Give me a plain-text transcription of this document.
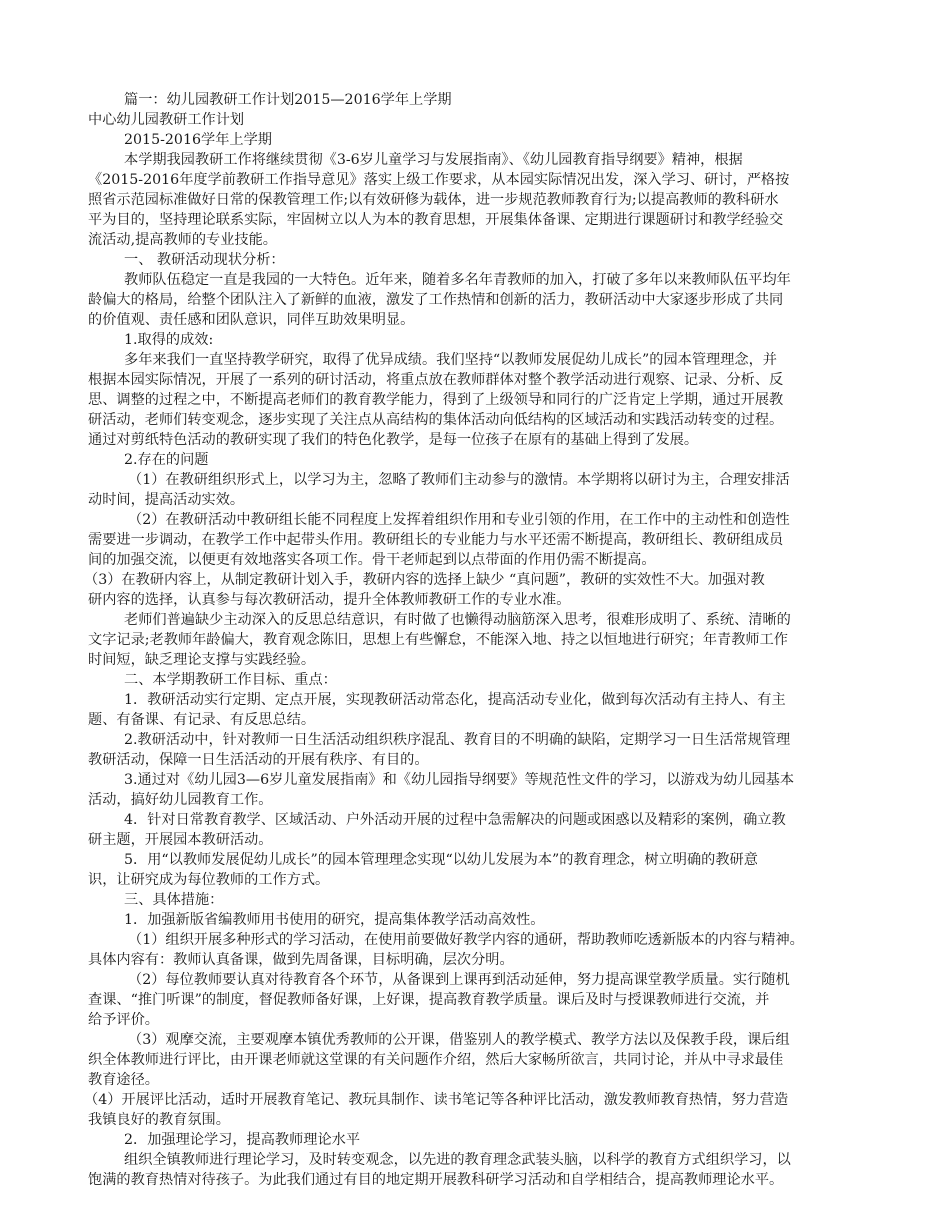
篇一：幼儿园教研工作计划2015—2016学年上学期
中心幼儿园教研工作计划
2015-2016学年上学期
本学期我园教研工作将继续贯彻《3-6岁儿童学习与发展指南》、《幼儿园教育指导纲要》精神，根据
《2015-2016年度学前教研工作指导意见》落实上级工作要求，从本园实际情况出发，深入学习、研讨，严格按
照省示范园标准做好日常的保教管理工作;以有效研修为载体，进一步规范教师教育行为;以提高教师的教科研水
平为目的，坚持理论联系实际，牢固树立以人为本的教育思想，开展集体备课、定期进行课题研讨和教学经验交
流活动,提高教师的专业技能。
一、 教研活动现状分析：
教师队伍稳定一直是我园的一大特色。近年来，随着多名年青教师的加入，打破了多年以来教师队伍平均年
龄偏大的格局，给整个团队注入了新鲜的血液，激发了工作热情和创新的活力，教研活动中大家逐步形成了共同
的价值观、责任感和团队意识，同伴互助效果明显。
1.取得的成效:
多年来我们一直坚持教学研究，取得了优异成绩。我们坚持“以教师发展促幼儿成长”的园本管理理念，并
根据本园实际情况，开展了一系列的研讨活动，将重点放在教师群体对整个教学活动进行观察、记录、分析、反
思、调整的过程之中，不断提高老师们的教育教学能力，得到了上级领导和同行的广泛肯定上学期，通过开展教
研活动，老师们转变观念，逐步实现了关注点从高结构的集体活动向低结构的区域活动和实践活动转变的过程。
通过对剪纸特色活动的教研实现了我们的特色化教学，是每一位孩子在原有的基础上得到了发展。
2.存在的问题
（1）在教研组织形式上，以学习为主，忽略了教师们主动参与的激情。本学期将以研讨为主，合理安排活
动时间，提高活动实效。
（2）在教研活动中教研组长能不同程度上发挥着组织作用和专业引领的作用，在工作中的主动性和创造性
需要进一步调动，在教学工作中起带头作用。教研组长的专业能力与水平还需不断提高，教研组长、教研组成员
间的加强交流，以便更有效地落实各项工作。骨干老师起到以点带面的作用仍需不断提高。
（3）在教研内容上，从制定教研计划入手，教研内容的选择上缺少 “真问题”，教研的实效性不大。加强对教
研内容的选择，认真参与每次教研活动，提升全体教师教研工作的专业水准。
老师们普遍缺少主动深入的反思总结意识，有时做了也懒得动脑筋深入思考，很难形成明了、系统、清晰的
文字记录;老教师年龄偏大，教育观念陈旧，思想上有些懈怠，不能深入地、持之以恒地进行研究；年青教师工作
时间短，缺乏理论支撑与实践经验。
二、本学期教研工作目标、重点：
1．教研活动实行定期、定点开展，实现教研活动常态化，提高活动专业化，做到每次活动有主持人、有主
题、有备课、有记录、有反思总结。
2.教研活动中，针对教师一日生活活动组织秩序混乱、教育目的不明确的缺陷，定期学习一日生活常规管理
教研活动，保障一日生活活动的开展有秩序、有目的。
3.通过对《幼儿园3—6岁儿童发展指南》和《幼儿园指导纲要》等规范性文件的学习，以游戏为幼儿园基本
活动，搞好幼儿园教育工作。
4．针对日常教育教学、区域活动、户外活动开展的过程中急需解决的问题或困惑以及精彩的案例，确立教
研主题，开展园本教研活动。
5．用“以教师发展促幼儿成长”的园本管理理念实现“以幼儿发展为本”的教育理念，树立明确的教研意
识，让研究成为每位教师的工作方式。
三、具体措施：
1．加强新版省编教师用书使用的研究，提高集体教学活动高效性。
（1）组织开展多种形式的学习活动，在使用前要做好教学内容的通研，帮助教师吃透新版本的内容与精神。
具体内容有：教师认真备课，做到先周备课，目标明确，层次分明。
（2）每位教师要认真对待教育各个环节，从备课到上课再到活动延伸，努力提高课堂教学质量。实行随机
查课、“推门听课”的制度，督促教师备好课，上好课，提高教育教学质量。课后及时与授课教师进行交流，并
给予评价。
（3）观摩交流，主要观摩本镇优秀教师的公开课，借鉴别人的教学模式、教学方法以及保教手段，课后组
织全体教师进行评比，由开课老师就这堂课的有关问题作介绍，然后大家畅所欲言，共同讨论，并从中寻求最佳
教育途径。
（4）开展评比活动，适时开展教育笔记、教玩具制作、读书笔记等各种评比活动，激发教师教育热情，努力营造
我镇良好的教育氛围。
2．加强理论学习，提高教师理论水平
组织全镇教师进行理论学习，及时转变观念，以先进的教育理念武装头脑，以科学的教育方式组织学习，以
饱满的教育热情对待孩子。为此我们通过有目的地定期开展教科研学习活动和自学相结合，提高教师理论水平。
